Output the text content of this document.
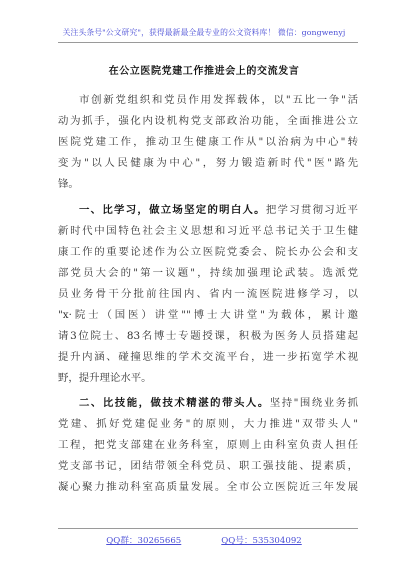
关注头条号"公文研究"，获得最新最全最专业的公文资料库！ 微信：gongwenyj
在公立医院党建工作推进会上的交流发言
市创新党组织和党员作用发挥载体，以"五比一争"活
动为抓手，强化内设机构党支部政治功能，全面推进公立
医院党建工作，推动卫生健康工作从"以治病为中心"转
变为"以人民健康为中心"，努力锻造新时代"医"路先
锋。
一、比学习，做立场坚定的明白人。把学习贯彻习近平
新时代中国特色社会主义思想和习近平总书记关于卫生健
康工作的重要论述作为公立医院党委会、院长办公会和支
部党员大会的"第一议题"，持续加强理论武装。选派党
员业务骨干分批前往国内、省内一流医院进修学习，以
"x·院士（国医）讲堂""博士大讲堂"为载体，累计邀
请3位院士、83名博士专题授课，积极为医务人员搭建起
提升内涵、碰撞思维的学术交流平台，进一步拓宽学术视
野，提升理论水平。
二、比技能，做技术精湛的带头人。坚持"围绕业务抓
党建、抓好党建促业务"的原则，大力推进"双带头人"
工程，把党支部建在业务科室，原则上由科室负责人担任
党支部书记，团结带领全科党员、职工强技能、提素质，
凝心聚力推动科室高质量发展。全市公立医院近三年发展
QQ群：30265665	QQ号：535304092
